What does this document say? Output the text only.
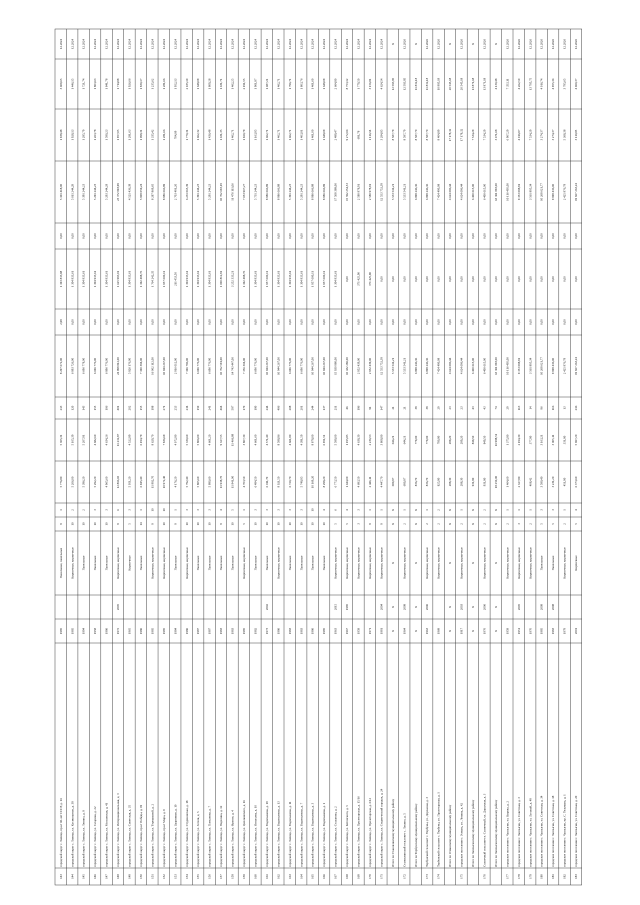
143
городской округ г. Липецк, пр-кт 60-лет СССР, д. 14
1985
Панельные, панельные
9
1
5 776,80
5 305,31
213
8 297 672,00
2,98
1 193 833,98
0,00
5 101 418,00
1 938,48
3 409,65
12.2024
144
городской округ г. Липецк, ул. Космонавтов, д. 38
1985
Кирпичные, кирпичные
10
2
5 206,00
5 105,39
120
6 993 726,00
0,00
1 304 933,61
0,00
5 011 244,29
1 928,13
1 446,15
12.2024
145
городской округ г. Липецк, ул. Ленина, д. 8
1994
Панельные
10
2
5 386,20
5 207,91
143
6 696 778,00
0,00
1 304 933,61
0,00
5 391 244,23
1 285,79
1 721,74
12.2024
146
городской округ г. Липецк, ул. Гагарина, д. 22
1958
Панельные
10
3
5 292,20
4 682,60
155
6 696 776,00
0,00
1 304 933,61
0,00
5 291 244,23
1 263,78
1 803,63
12.2024
147
городской округ г. Липецк, ул. Московская, д. 41
1986
Панельные
10
3
4 965,60
4 634,26
106
6 896 776,00
0,00
1 304 933,61
0,00
5 293 244,29
1 590,23
1 841,78
12.2024
148
городской округ г. Липецк, ул. Интернациональная, д. 3
1972
2005
Кирпичные, кирпичные
9
6
12 866,10
11 232,87
401
24 998 812,00
0,00
1 625 993,01
0,00
23 372 818,99
1 957,05
1 714,98
12.2024
149
городской округ г. Липецк, ул. Советская, д. 35
1965
Кирпичные
5
3
5 051,20
4 522,89
202
5 826 176,00
0,00
1 304 933,61
0,00
4 521 436,39
1 281,63
1 926,66
12.2024
150
городской округ г. Липецк, пр-кт Победы, д. 19
1986
Панельные
14
1
6 945,40
6 194,79
155
7 190 394,00
0,00
1 192 498,76
0,00
5 908 059,24
1 098,31
1 830,17
12.2024
151
городской округ г. Липецк, ул. Терешковой, д. 2
1985
Кирпичные, кирпичные
9
10
11 982,70
8 629,70
198
16 002 112,00
0,00
1 764 242,35
0,00
8 287 869,65
1 335,42
1 235,62
12.2024
152
городской округ г. Липецк, пр-кт Мира, д. 9
1985
Кирпичные, кирпичные
10
10
10 972,40
7 836,69
271
10 944 267,00
0,00
1 957 600,11
0,00
8 986 666,89
1 281,66
1 281,66
12.2024
153
городской округ г. Липецк, ул. Ударников, д. 10
1984
Панельные
9
1
4 176,20
4 072,80
253
2 916 012,00
0,00
211 453,50
0,00
2 703 491,20
704,09
1 952,13
12.2024
154
городской округ г. Липецк, ул. Студеновская, д. 18
1986
Кирпичные, кирпичные
10
3
5 792,40
5 330,60
234
7 196 786,00
0,00
1 304 933,61
0,00
6 231 065,39
1 770,31
2 035,10
12.2024
155
городской округ г. Липецк, ул. Зегеля, д. 5
1987
Панельные
10
3
5 805,60
5 806,00
150
6 696 776,00
0,00
1 304 933,61
0,00
5 391 244,23
1 462,32
1 648,09
12.2024
156
городской округ г. Липецк, ул. Плеханова, д. 7
1987
Панельные
10
3
5 880,60
4 661,20
241
6 696 776,00
0,00
1 304 933,61
0,00
5 291 244,23
1 436,48
1 809,28
12.2024
157
городской округ г. Липецк, ул. Неделина, д. 12
1983
Панельные
9
4
11 938,70
9 327,55
464
10 762 591,00
0,00
1 000 812,81
0,00
10 762 693,19
1 431,35
1 431,71
12.2024
158
городской округ г. Липецк, ул. Фрунзе, д. 4
1983
Панельные
10
5
11 941,00
11 466,89
587
14 743 447,00
0,00
3 252 333,21
0,00
11 476 111,06
1 462,71
1 462,25
12.2024
159
городской округ г. Липецк, ул. Циолковского, д. 16
1985
Кирпичные, кирпичные
5
1
4 703,50
3 807,30
170
7 356 304,00
0,00
1 192 498,76
0,00
7 053 907,27
1 920,79
2 191,55
12.2024
160
городской округ г. Липецк, ул. Игнатьева, д. 10
1982
Панельные
10
3
6 494,50
4 661,60
180
6 696 776,00
0,00
1 304 933,61
0,00
5 731 244,23
1 163,95
1 901,87
12.2024
161
городской округ г. Липецк, ул. Водопьянова, д. 19
1973
2002
Панельные
10
3
6 011,70
4 571,40
244
10 944 267,00
0,00
1 957 600,11
0,00
8 986 666,89
1 462,71
1 487,21
12.2024
162
городской округ г. Липецк, ул. Водопьянова, д. 13
1986
Кирпичные, кирпичные
10
3
9 021,50
8 598,86
406
10 944 267,00
0,00
1 304 933,61
0,00
8 986 666,89
1 462,71
1 462,71
12.2024
163
городской округ г. Липецк, ул. Водопьянова, д. 11
1983
Панельные
10
3
6 720,70
4 661,80
208
6 696 776,00
0,00
1 304 933,61
0,00
5 391 244,23
1 462,71
1 796,71
12.2024
164
городской округ г. Липецк, ул. Водопьянова, д. 7
1983
Панельные
10
3
5 748,95
4 391,59
201
6 696 776,00
0,00
1 304 933,61
0,00
5 291 244,23
1 403,01
1 803,76
12.2024
165
городской округ г. Липецк, ул. Водопьянова, д. 3
1986
Панельные
10
10
10 169,20
8 878,00
244
10 944 267,00
0,00
1 957 600,11
0,00
8 986 666,89
1 461,00
1 461,60
12.2024
166
городской округ г. Липецк, ул. Водопьянова, д. 1
1985
Панельные
10
4
8 298,20
6 951,51
137
10 944 267,00
0,00
1 957 600,11
0,00
8 986 666,89
1 648,09
1 648,09
12.2024
167
городской округ г. Липецк, ул. Стаханова, д. 2
1963
2015
Кирпичные, кирпичные
5
6
6 773,50
5 599,00
211
15 930 980,00
0,00
1 304 933,61
0,00
17 508 388,00
2 489,47
2 664,80
12.2024
168
городской округ г. Липецк, ул. Котовского, д. 5
1967
1985
Кирпичные, кирпичные
5
4
1 444,00
1 195,85
46
10 432 286,00
0,00
0,00
0,00
15 592 254,53
9 272,04
8 753,12
12.2024
169
городской округ г. Липецк, ул. Пролетарская, д. 15/16
1958
Кирпичные, кирпичные
3
3
4 683,50
4 638,30
186
2 952 439,00
0,00
371 425,90
0,00
2 580 978,91
681,78
1 779,50
12.2024
170
городской округ г. Липецк, ул. Пролетарская, д. 6/12
1971
Кирпичные, кирпичные
9
1
2 446,11
2 236,53
91
2 952 439,00
0,00
371 425,90
0,00
2 580 978,91
1 116,54
3 156,81
12.2024
171
городской округ г. Липецк, ул. Студенческий городок, д. 24
1981
2004
Кирпичные, кирпичные
9
1
4 447,70
3 808,90
147
12 553 752,39
0,00
0,00
0,00
12 553 752,39
3 294,85
4 624,54
12.2024
Итого по Становлянскому муниципальному району
X
X
X
X
X
680,87
644,21
21
5 533 541,21
0,00
0,00
0,00
5 533 541,21
8 587,79
12 593,85
X
172
Становлянский сельсовет с. Лукино, д. 5
1964
2008
Кирпичные, кирпичные
2
1
680,87
644,21
21
5 533 541,21
0,00
0,00
0,00
5 533 541,21
8 587,79
12 593,85
12.2026
Итого по Тербунскому муниципальному району
X
X
X
X
X
836,70
779,00
38
6 898 246,36
0,00
0,00
0,00
6 898 246,36
8 587,70
11 832,18
X
173
Тербунский сельсовет с. Тербуны, ул. Дорожная, д. 3
1963
2006
Кирпичные, кирпичные
2
1
836,70
779,00
38
6 898 246,36
0,00
0,00
0,00
6 898 246,36
8 587,70
11 832,18
12.2026
174
Тербунский сельсовет с. Тербуны, ул. Пролетарская, д. 1
1968
Кирпичные, кирпичные
2
2
825,80
780,80
29
7 424 490,08
0,00
0,00
0,00
7 424 490,08
9 404,89
10 985,19
12.2026
Итого по Усманскому муниципальному району
X
X
X
X
X
288,30
289,20
23
4 624 696,44
0,00
0,00
0,00
4 624 696,44
17 178,32
20 545,18
X
175
городское поселение г. Усмань, ул. Ленина, д. 42
1917
2003
Кирпичные, кирпичные
2
1
288,30
289,20
23
4 624 696,44
0,00
0,00
0,00
4 624 696,44
17 178,32
20 545,18
12.2026
Итого по Чаплыгинскому муниципальному району
X
X
X
X
X
931,80
849,50
43
6 400 615,00
0,00
0,00
0,00
6 400 615,00
7 534,29
13 871,18
X
176
Солнечный сельсовет п. Солнечный, ул. Дорожная, д. 3
1976
2006
Кирпичные, кирпичные
2
2
931,80
849,50
43
6 400 615,00
0,00
0,00
0,00
6 400 615,00
7 534,29
13 871,18
12.2026
Итого по Чаплыгинскому муниципальному району
X
X
X
X
X
18 250,00
16 988,51
74
63 361 893,00
0,00
0,00
0,00
63 361 893,00
3 471,68
4 130,48
X
177
городское поселение г. Чаплыгин, ул. Кирова, д. 2
1958
Кирпичные, кирпичные
2
1
1 464,60
1 375,80
29
10 116 405,00
0,00
0,00
0,00
10 116 405,00
6 907,29
7 353,11
12.2026
178
городское поселение г. Чаплыгин, ул. Советская, д. 3
1951
2005
Кирпичные, кирпичные
3
1
2 327,80
2 194,30
113
9 353 098,81
0,00
0,00
0,00
9 353 098,81
4 016,97
4 262,50
12.2026
179
городское поселение г. Чаплыгин, ул. Луговой, д. 49
1970
Кирпичные, кирпичные
2
1
408,42
377,80
14
3 561 895,34
0,00
0,00
0,00
3 561 895,34
7 534,29
13 795,75
12.2026
180
городское поселение г. Чаплыгин, ул. Советская, д. 34
1985
2009
Панельные
5
3
3 590,40
3 163,21
96
10 268 621,77
0,00
0,00
0,00
10 268 621,77
3 274,37
4 016,74
12.2026
181
городское поселение г. Чаплыгин, ул. Советская, д. 18
1983
2008
Панельные
5
3
3 231,20
3 005,11
116
9 998 436,00
0,00
0,00
0,00
9 998 436,00
3 274,37
4 955,34
12.2026
182
городское поселение г. Чаплыгин, пр. С. Тельмана, д. 1
1979
Кирпичные, кирпичные
2
1
451,90
331,80
13
2 425 976,79
0,00
0,00
0,00
2 425 976,79
5 368,38
3 795,65
12.2026
183
городское поселение г. Чаплыгин, ул. Советская, д. 20
2001
Кирпичные
5
4
6 373,60
5 697,20
216
19 827 263,24
0,00
0,00
0,00
19 827 263,24
3 110,85
4 060,37
12.2026
